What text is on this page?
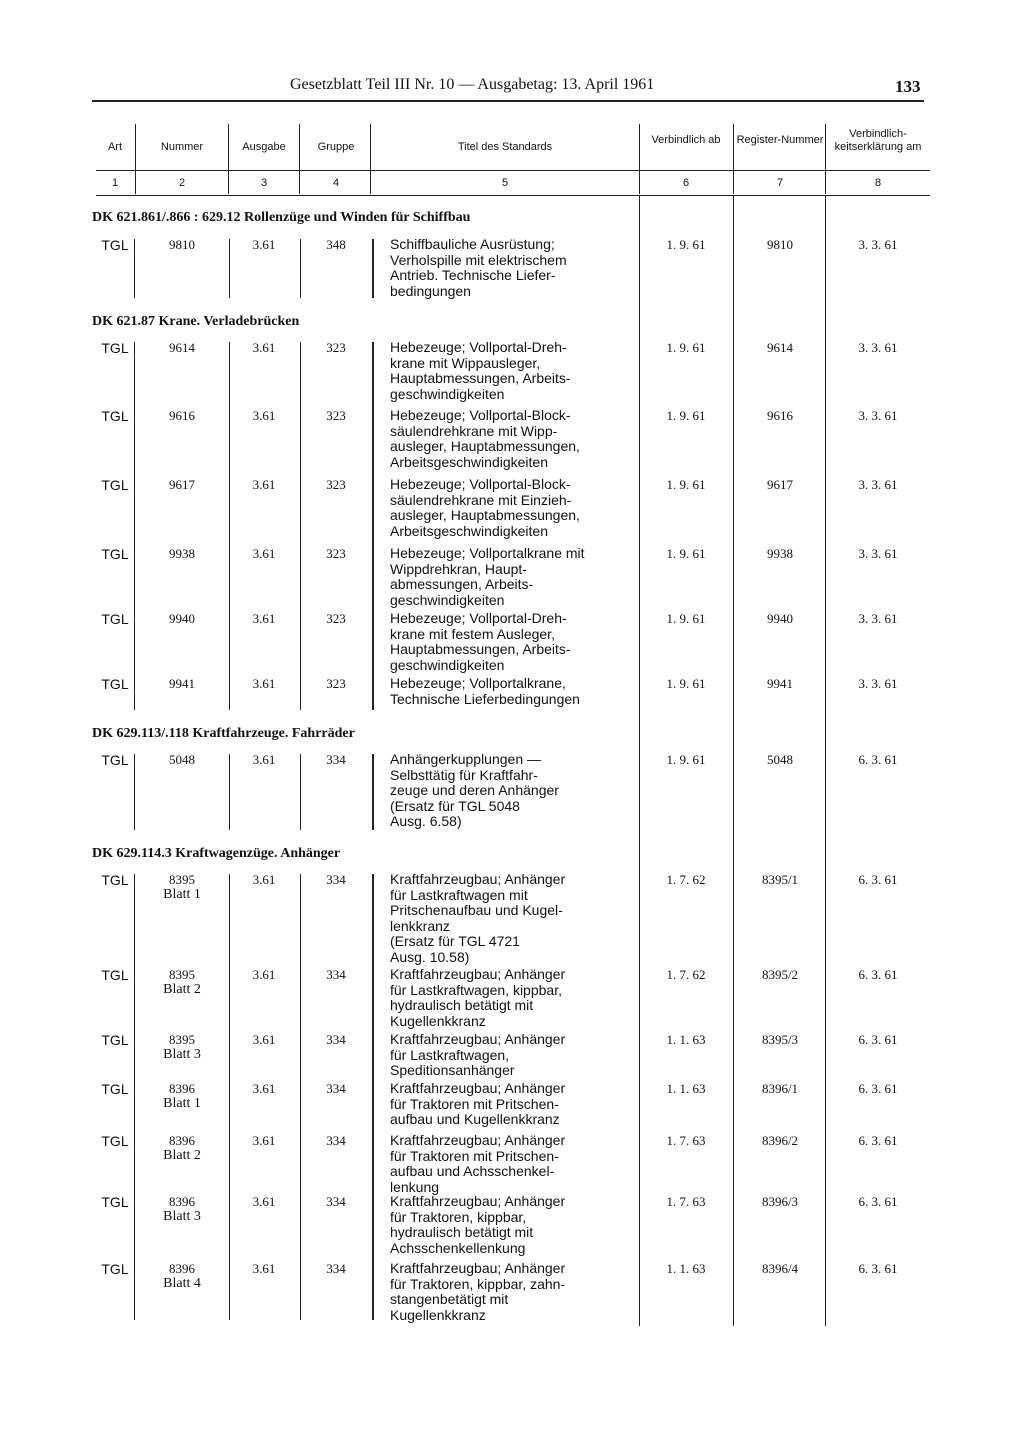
Gesetzblatt Teil III Nr. 10 — Ausgabetag: 13. April 1961	133
Art	Nummer	Ausgabe	Gruppe	Titel des Standards
Verbindlich ab	Register-Nummer	Verbindlich-keitserklärung am
1	2	3	4	5	6	7	8
DK 621.861/.866 : 629.12 Rollenzüge und Winden für Schiffbau
TGL	9810	3.61	348	Schiffbauliche Ausrüstung;
Verholspille mit elektrischem
Antrieb. Technische Liefer-
bedingungen
1. 9. 61	9810	3. 3. 61
DK 621.87 Krane. Verladebrücken
TGL	9614	3.61	323	Hebezeuge; Vollportal-Dreh-
krane mit Wippausleger,
Hauptabmessungen, Arbeits-
geschwindigkeiten
1. 9. 61	9614	3. 3. 61
TGL	9616	3.61	323	Hebezeuge; Vollportal-Block-
säulendrehkrane mit Wipp-
ausleger, Hauptabmessungen,
Arbeitsgeschwindigkeiten
1. 9. 61	9616	3. 3. 61
TGL	9617	3.61	323	Hebezeuge; Vollportal-Block-
säulendrehkrane mit Einzieh-
ausleger, Hauptabmessungen,
Arbeitsgeschwindigkeiten
1. 9. 61	9617	3. 3. 61
TGL	9938	3.61	323	Hebezeuge; Vollportalkrane mit
Wippdrehkran, Haupt-
abmessungen, Arbeits-
geschwindigkeiten
1. 9. 61	9938	3. 3. 61
TGL	9940	3.61	323	Hebezeuge; Vollportal-Dreh-
krane mit festem Ausleger,
Hauptabmessungen, Arbeits-
geschwindigkeiten
1. 9. 61	9940	3. 3. 61
TGL	9941	3.61	323	Hebezeuge; Vollportalkrane,
Technische Lieferbedingungen
1. 9. 61	9941	3. 3. 61
DK 629.113/.118 Kraftfahrzeuge. Fahrräder
TGL	5048	3.61	334	Anhängerkupplungen —
Selbsttätig für Kraftfahr-
zeuge und deren Anhänger
(Ersatz für TGL 5048
Ausg. 6.58)
1. 9. 61	5048	6. 3. 61
DK 629.114.3 Kraftwagenzüge. Anhänger
TGL	8395
Blatt 1
3.61	334	Kraftfahrzeugbau; Anhänger
für Lastkraftwagen mit
Pritschenaufbau und Kugel-
lenkkranz
(Ersatz für TGL 4721
Ausg. 10.58)
1. 7. 62	8395/1	6. 3. 61
TGL	8395
Blatt 2
3.61	334	Kraftfahrzeugbau; Anhänger
für Lastkraftwagen, kippbar,
hydraulisch betätigt mit
Kugellenkkranz
1. 7. 62	8395/2	6. 3. 61
TGL	8395
Blatt 3
3.61	334	Kraftfahrzeugbau; Anhänger
für Lastkraftwagen,
Speditionsanhänger
1. 1. 63	8395/3	6. 3. 61
TGL	8396
Blatt 1
3.61	334	Kraftfahrzeugbau; Anhänger
für Traktoren mit Pritschen-
aufbau und Kugellenkkranz
1. 1. 63	8396/1	6. 3. 61
TGL	8396
Blatt 2
3.61	334	Kraftfahrzeugbau; Anhänger
für Traktoren mit Pritschen-
aufbau und Achsschenkel-
lenkung
1. 7. 63	8396/2	6. 3. 61
TGL	8396
Blatt 3
3.61	334	Kraftfahrzeugbau; Anhänger
für Traktoren, kippbar,
hydraulisch betätigt mit
Achsschenkellenkung
1. 7. 63	8396/3	6. 3. 61
TGL	8396
Blatt 4
3.61	334	Kraftfahrzeugbau; Anhänger
für Traktoren, kippbar, zahn-
stangenbetätigt mit
Kugellenkkranz
1. 1. 63	8396/4	6. 3. 61
